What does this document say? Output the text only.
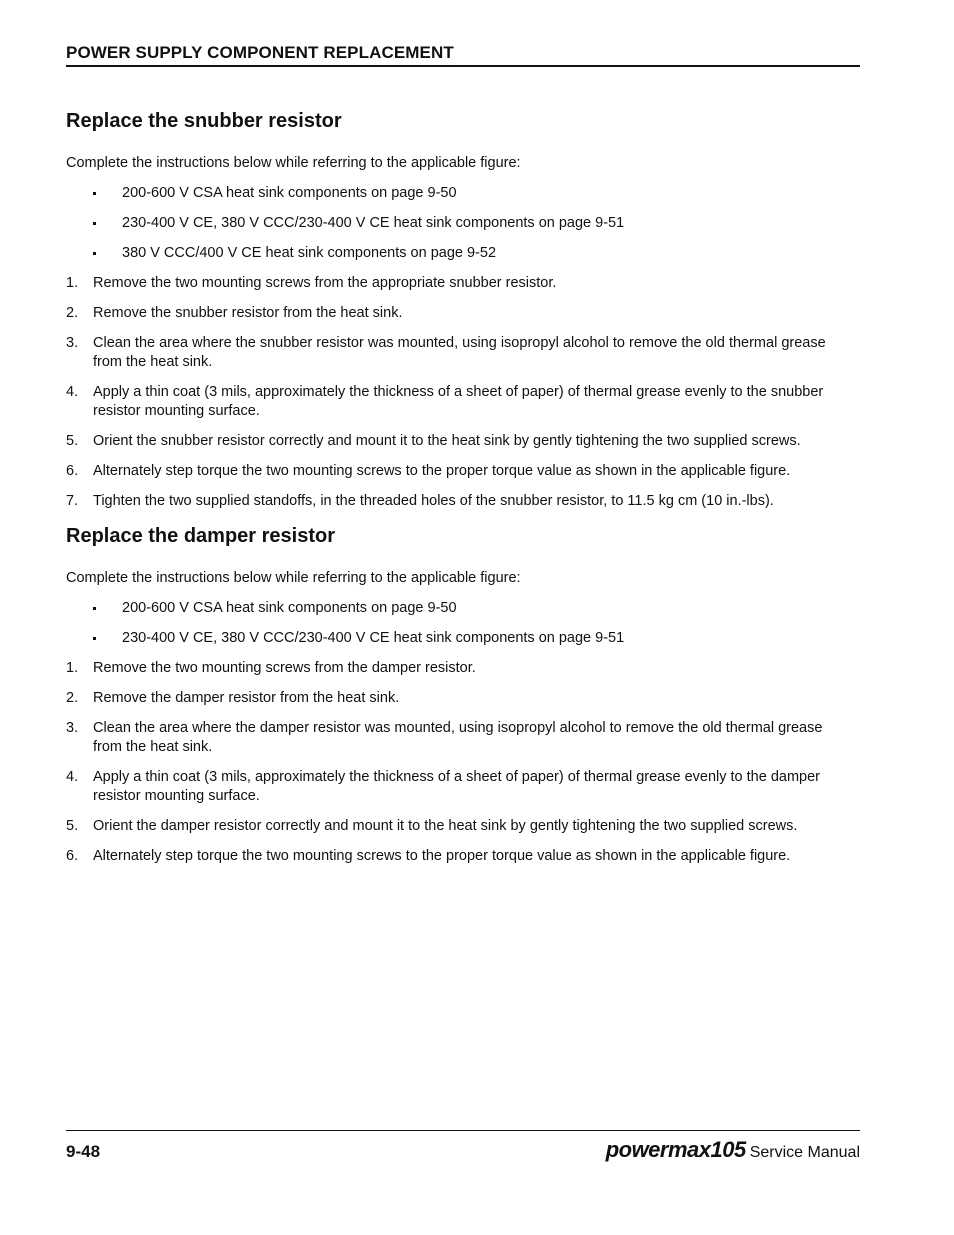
POWER SUPPLY COMPONENT REPLACEMENT
Replace the snubber resistor

Complete the instructions below while referring to the applicable figure:

200-600 V CSA heat sink components on page 9-50
230-400 V CE, 380 V CCC/230-400 V CE heat sink components on page 9-51
380 V CCC/400 V CE heat sink components on page 9-52
1. Remove the two mounting screws from the appropriate snubber resistor.
2. Remove the snubber resistor from the heat sink.
3. Clean the area where the snubber resistor was mounted, using isopropyl alcohol to remove the old thermal grease from the heat sink.
4. Apply a thin coat (3 mils, approximately the thickness of a sheet of paper) of thermal grease evenly to the snubber resistor mounting surface.
5. Orient the snubber resistor correctly and mount it to the heat sink by gently tightening the two supplied screws.
6. Alternately step torque the two mounting screws to the proper torque value as shown in the applicable figure.
7. Tighten the two supplied standoffs, in the threaded holes of the snubber resistor, to 11.5 kg cm (10 in.-lbs).
Replace the damper resistor

Complete the instructions below while referring to the applicable figure:

200-600 V CSA heat sink components on page 9-50
230-400 V CE, 380 V CCC/230-400 V CE heat sink components on page 9-51
1. Remove the two mounting screws from the damper resistor.
2. Remove the damper resistor from the heat sink.
3. Clean the area where the damper resistor was mounted, using isopropyl alcohol to remove the old thermal grease from the heat sink.
4. Apply a thin coat (3 mils, approximately the thickness of a sheet of paper) of thermal grease evenly to the damper resistor mounting surface.
5. Orient the damper resistor correctly and mount it to the heat sink by gently tightening the two supplied screws.
6. Alternately step torque the two mounting screws to the proper torque value as shown in the applicable figure.
9-48	powermax105 Service Manual
